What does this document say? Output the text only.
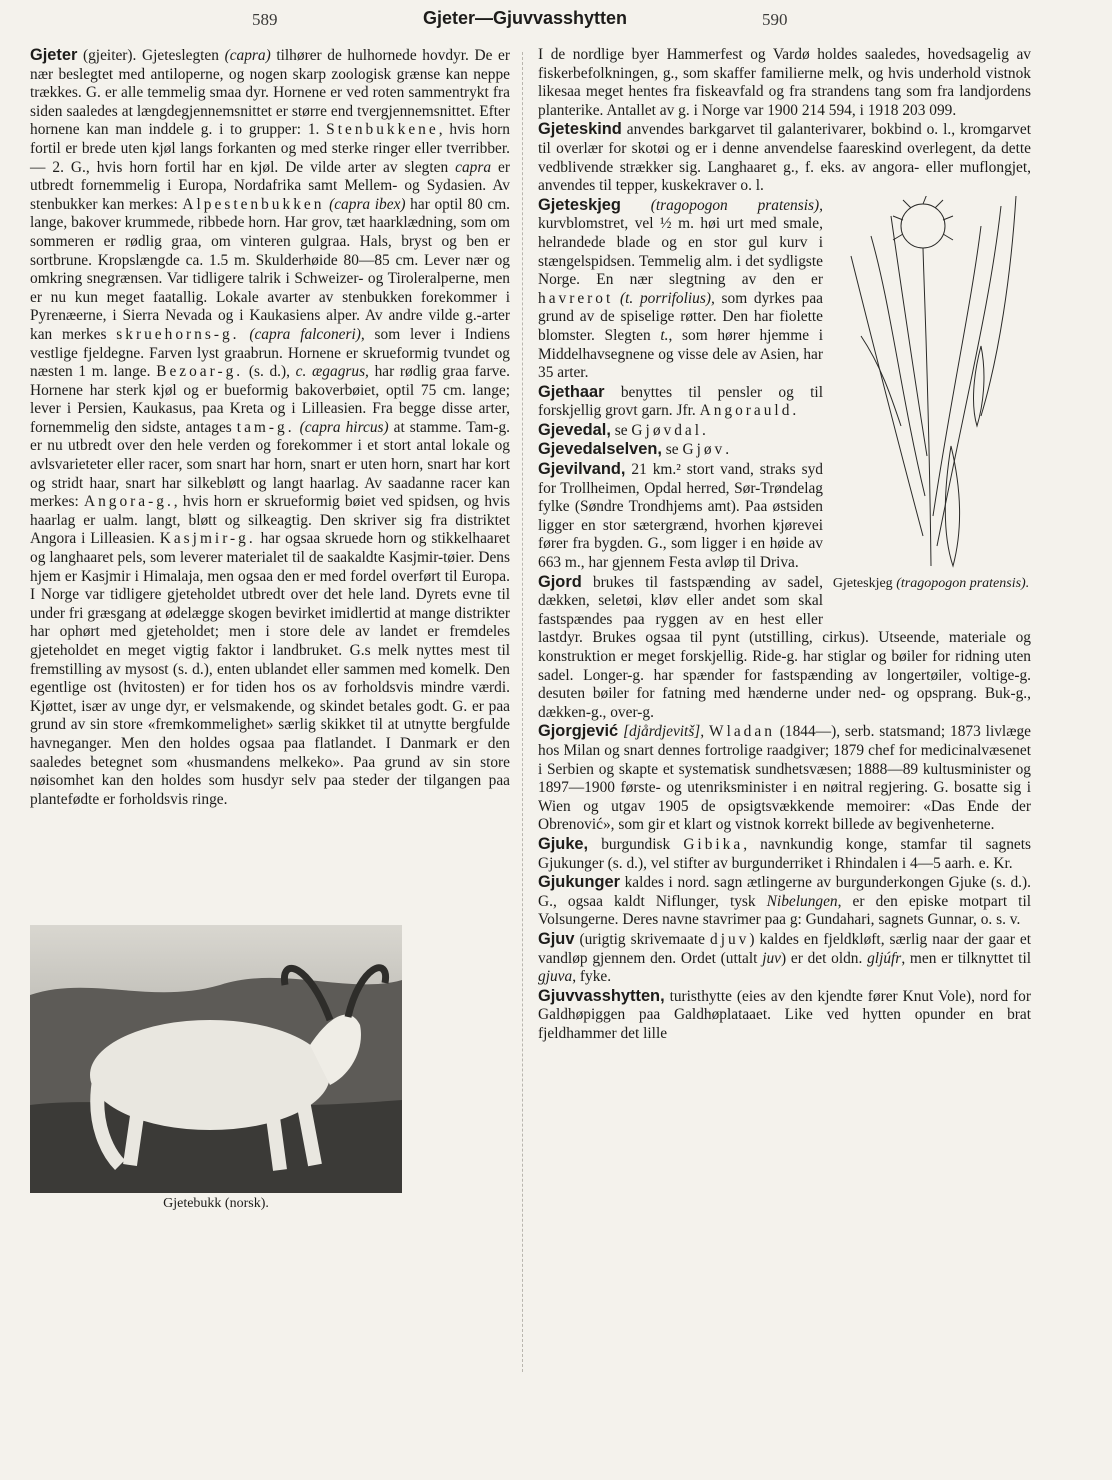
589	Gjeter—Gjuvvasshytten	590

Gjetebukk (norsk).
Gjeter (gjeiter). Gjeteslegten (capra) tilhører de hulhornede hovdyr. De er nær beslegtet med antiloperne, og nogen skarp zoologisk grænse kan neppe trækkes. G. er alle temmelig smaa dyr. Hornene er ved roten sammentrykt fra siden saaledes at længdegjennemsnittet er større end tvergjennemsnittet. Efter hornene kan man inddele g. i to grupper: 1. Stenbukkene, hvis horn fortil er brede uten kjøl langs forkanten og med sterke ringer eller tverribber. — 2. G., hvis horn fortil har en kjøl. De vilde arter av slegten capra er utbredt fornemmelig i Europa, Nordafrika samt Mellem- og Sydasien. Av stenbukker kan merkes: Alpestenbukken (capra ibex) har optil 80 cm. lange, bakover krummede, ribbede horn. Har grov, tæt haarklædning, som om sommeren er rødlig graa, om vinteren gulgraa. Hals, bryst og ben er sortbrune. Kropslængde ca. 1.5 m. Skulderhøide 80—85 cm. Lever nær og omkring snegrænsen. Var tidligere talrik i Schweizer- og Tiroleralperne, men er nu kun meget faatallig. Lokale avarter av stenbukken forekommer i Pyrenæerne, i Sierra Nevada og i Kaukasiens alper. Av andre vilde g.-arter kan merkes skruehorns-g. (capra falconeri), som lever i Indiens vestlige fjeldegne. Farven lyst graabrun. Hornene er skrueformig tvundet og næsten 1 m. lange. Bezoar-g. (s. d.), c. ægagrus, har rødlig graa farve. Hornene har sterk kjøl og er bueformig bakoverbøiet, optil 75 cm. lange; lever i Persien, Kaukasus, paa Kreta og i Lilleasien. Fra begge disse arter, fornemmelig den sidste, antages tam-g. (capra hircus) at stamme. Tam-g. er nu utbredt over den hele verden og forekommer i et stort antal lokale og avlsvarieteter eller racer, som snart har horn, snart er uten horn, snart har kort og stridt haar, snart har silkebløtt og langt haarlag. Av saadanne racer kan merkes: Angora-g., hvis horn er skrueformig bøiet ved spidsen, og hvis haarlag er ualm. langt, bløtt og silkeagtig. Den skriver sig fra distriktet Angora i Lilleasien. Kasjmir-g. har ogsaa skruede horn og stikkelhaaret og langhaaret pels, som leverer materialet til de saakaldte Kasjmir-tøier. Dens hjem er Kasjmir i Himalaja, men ogsaa den er med fordel overført til Europa. I Norge var tidligere gjeteholdet utbredt over det hele land. Dyrets evne til under fri græsgang at ødelægge skogen bevirket imidlertid at mange distrikter har ophørt med gjeteholdet; men i store dele av landet er fremdeles gjeteholdet en meget vigtig faktor i landbruket. G.s melk nyttes mest til fremstilling av mysost (s. d.), enten ublandet eller sammen med komelk. Den egentlige ost (hvitosten) er for tiden hos os av forholdsvis mindre værdi. Kjøttet, især av unge dyr, er velsmakende, og skindet betales godt. G. er paa grund av sin store «fremkommelighet» særlig skikket til at utnytte bergfulde havneganger. Men den holdes ogsaa paa flatlandet. I Danmark er den saaledes betegnet som «husmandens melkeko». Paa grund av sin store nøisomhet kan den holdes som husdyr selv paa steder der tilgangen paa plantefødte er forholdsvis ringe.

I de nordlige byer Hammerfest og Vardø holdes saaledes, hovedsagelig av fiskerbefolkningen, g., som skaffer familierne melk, og hvis underhold vistnok likesaa meget hentes fra fiskeavfald og fra strandens tang som fra landjordens planterike. Antallet av g. i Norge var 1900 214 594, i 1918 203 099.

Gjeteskind anvendes barkgarvet til galanterivarer, bokbind o. l., kromgarvet til overlær for skotøi og er i denne anvendelse faareskind overlegent, da dette vedblivende strækker sig. Langhaaret g., f. eks. av angora- eller muflongjet, anvendes til tepper, kuskekraver o. l.

Gjeteskjeg (tragopogon pratensis).

Gjeteskjeg (tragopogon pratensis), kurvblomstret, vel ½ m. høi urt med smale, helrandede blade og en stor gul kurv i stængelspidsen. Temmelig alm. i det sydligste Norge. En nær slegtning av den er havrerot (t. porrifolius), som dyrkes paa grund av de spiselige røtter. Den har fiolette blomster. Slegten t., som hører hjemme i Middelhavsegnene og visse dele av Asien, har 35 arter.

Gjethaar benyttes til pensler og til forskjellig grovt garn. Jfr. Angorauld.

Gjevedal, se Gjøvdal.

Gjevedalselven, se Gjøv.

Gjevilvand, 21 km.² stort vand, straks syd for Trollheimen, Opdal herred, Sør-Trøndelag fylke (Søndre Trondhjems amt). Paa østsiden ligger en stor sætergrænd, hvorhen kjørevei fører fra bygden. G., som ligger i en høide av 663 m., har gjennem Festa avløp til Driva.

Gjord brukes til fastspænding av sadel, dækken, seletøi, kløv eller andet som skal fastspændes paa ryggen av en hest eller lastdyr. Brukes ogsaa til pynt (utstilling, cirkus). Utseende, materiale og konstruktion er meget forskjellig. Ride-g. har stiglar og bøiler for ridning uten sadel. Longer-g. har spænder for fastspænding av longertøiler, voltige-g. desuten bøiler for fatning med hænderne under ned- og opsprang. Buk-g., dækken-g., over-g.

Gjorgjević [djårdjevitš], Wladan (1844—), serb. statsmand; 1873 livlæge hos Milan og snart dennes fortrolige raadgiver; 1879 chef for medicinalvæsenet i Serbien og skapte et systematisk sundhetsvæsen; 1888—89 kultusminister og 1897—1900 første- og utenriksminister i en nøitral regjering. G. bosatte sig i Wien og utgav 1905 de opsigtsvækkende memoirer: «Das Ende der Obrenović», som gir et klart og vistnok korrekt billede av begivenheterne.

Gjuke, burgundisk Gibika, navnkundig konge, stamfar til sagnets Gjukunger (s. d.), vel stifter av burgunderriket i Rhindalen i 4—5 aarh. e. Kr.

Gjukunger kaldes i nord. sagn ætlingerne av burgunderkongen Gjuke (s. d.). G., ogsaa kaldt Niflunger, tysk Nibelungen, er den episke motpart til Volsungerne. Deres navne stavrimer paa g: Gundahari, sagnets Gunnar, o. s. v.

Gjuv (urigtig skrivemaate djuv) kaldes en fjeldkløft, særlig naar der gaar et vandløp gjennem den. Ordet (uttalt juv) er det oldn. gljúfr, men er tilknyttet til gjuva, fyke.

Gjuvvasshytten, turisthytte (eies av den kjendte fører Knut Vole), nord for Galdhøpiggen paa Galdhøplataaet. Like ved hytten opunder en brat fjeldhammer det lille
